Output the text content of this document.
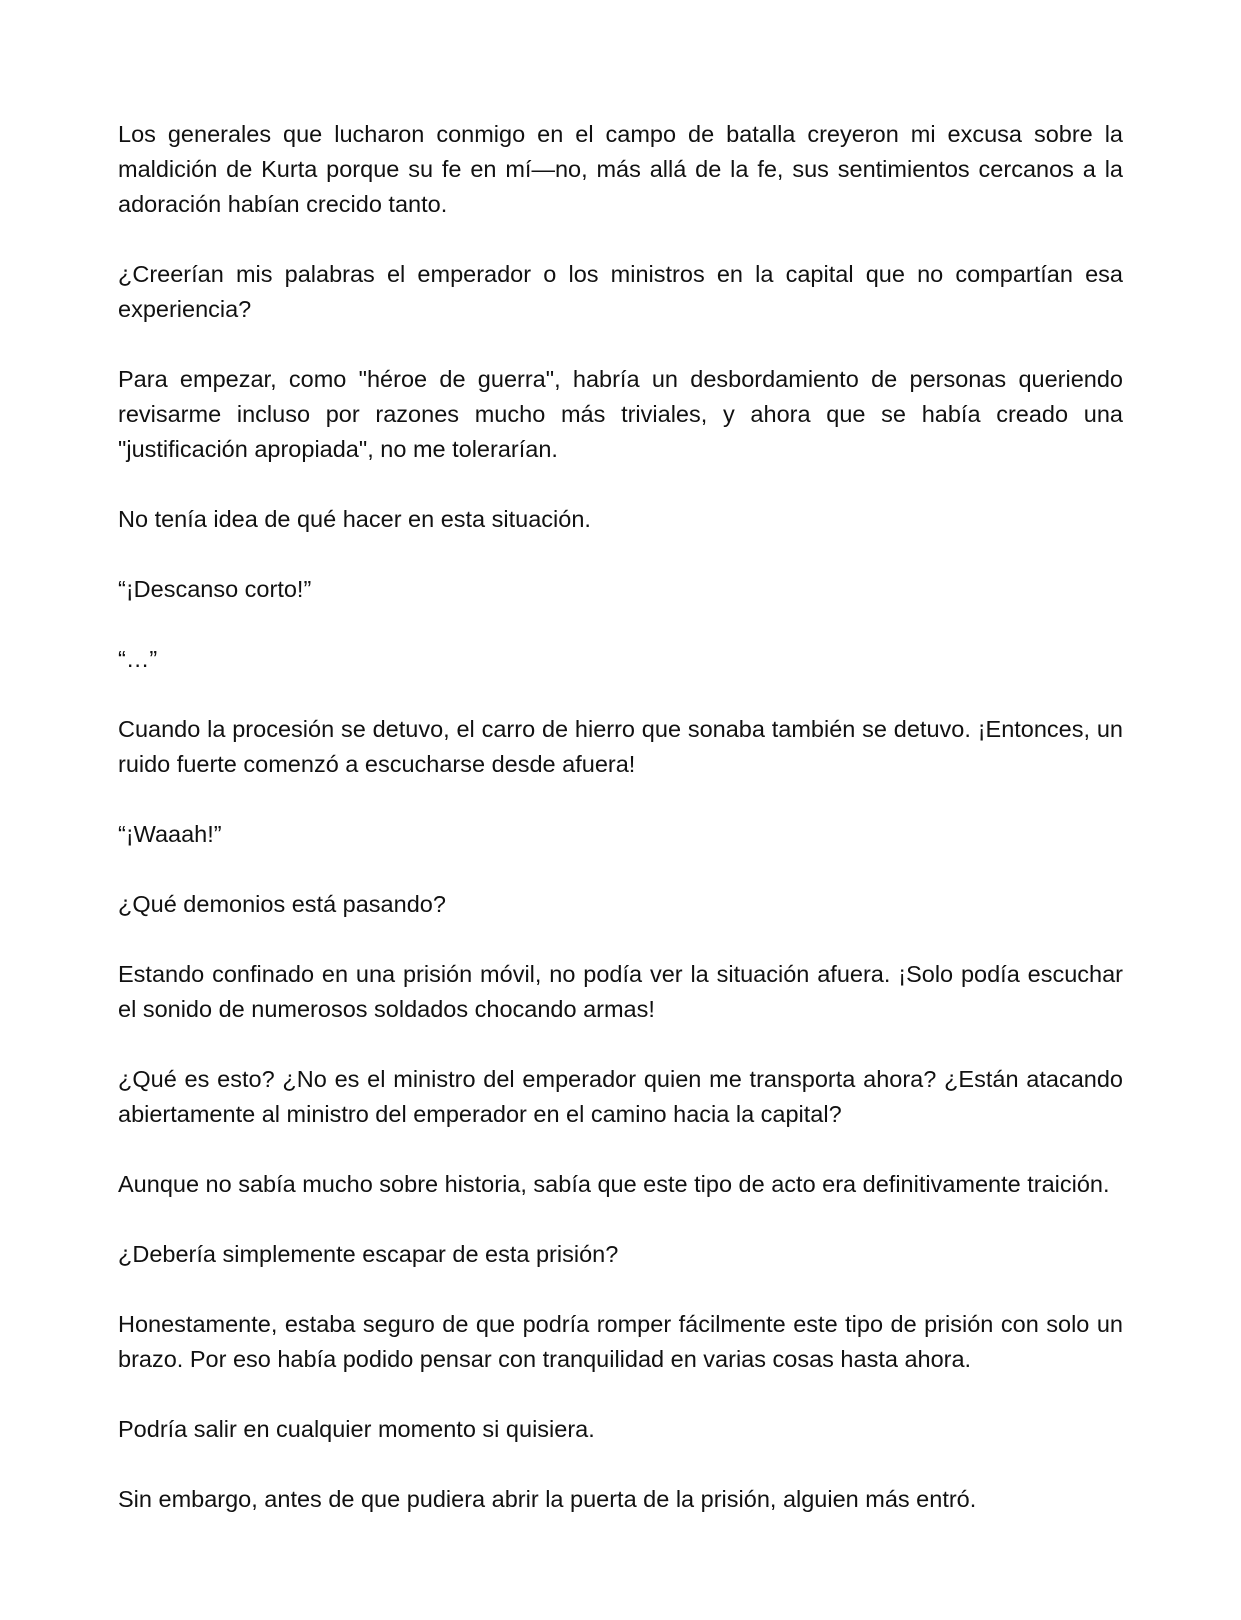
Los generales que lucharon conmigo en el campo de batalla creyeron mi excusa sobre la maldición de Kurta porque su fe en mí—no, más allá de la fe, sus sentimientos cercanos a la adoración habían crecido tanto.

¿Creerían mis palabras el emperador o los ministros en la capital que no compartían esa experiencia?

Para empezar, como "héroe de guerra", habría un desbordamiento de personas queriendo revisarme incluso por razones mucho más triviales, y ahora que se había creado una "justificación apropiada", no me tolerarían.

No tenía idea de qué hacer en esta situación.

“¡Descanso corto!”

“…”

Cuando la procesión se detuvo, el carro de hierro que sonaba también se detuvo. ¡Entonces, un ruido fuerte comenzó a escucharse desde afuera!

“¡Waaah!”

¿Qué demonios está pasando?

Estando confinado en una prisión móvil, no podía ver la situación afuera. ¡Solo podía escuchar el sonido de numerosos soldados chocando armas!

¿Qué es esto? ¿No es el ministro del emperador quien me transporta ahora? ¿Están atacando abiertamente al ministro del emperador en el camino hacia la capital?

Aunque no sabía mucho sobre historia, sabía que este tipo de acto era definitivamente traición.

¿Debería simplemente escapar de esta prisión?

Honestamente, estaba seguro de que podría romper fácilmente este tipo de prisión con solo un brazo. Por eso había podido pensar con tranquilidad en varias cosas hasta ahora.

Podría salir en cualquier momento si quisiera.

Sin embargo, antes de que pudiera abrir la puerta de la prisión, alguien más entró.
